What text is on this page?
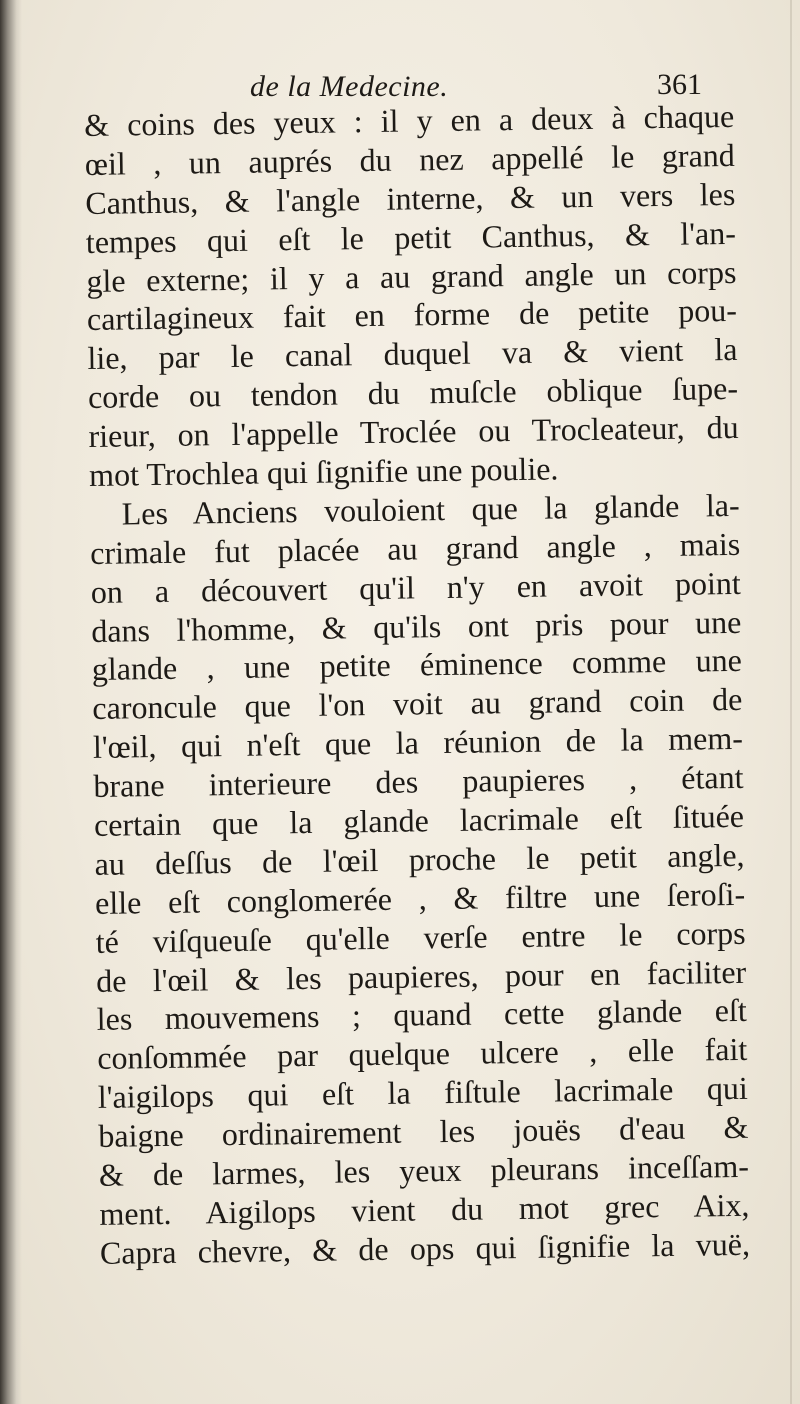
de la Medecine.	361
& coins des yeux : il y en a deux à chaque
œil , un auprés du nez appellé le grand
Canthus, & l'angle interne, & un vers les
tempes qui eſt le petit Canthus, & l'an-
gle externe; il y a au grand angle un corps
cartilagineux fait en forme de petite pou-
lie, par le canal duquel va & vient la
corde ou tendon du muſcle oblique ſupe-
rieur, on l'appelle Troclée ou Trocleateur, du
mot Trochlea qui ſignifie une poulie.
Les Anciens vouloient que la glande la-
crimale fut placée au grand angle , mais
on a découvert qu'il n'y en avoit point
dans l'homme, & qu'ils ont pris pour une
glande , une petite éminence comme une
caroncule que l'on voit au grand coin de
l'œil, qui n'eſt que la réunion de la mem-
brane interieure des paupieres , étant
certain que la glande lacrimale eſt ſituée
au deſſus de l'œil proche le petit angle,
elle eſt conglomerée , & filtre une ſeroſi-
té viſqueuſe qu'elle verſe entre le corps
de l'œil & les paupieres, pour en faciliter
les mouvemens ; quand cette glande eſt
conſommée par quelque ulcere , elle fait
l'aigilops qui eſt la fiſtule lacrimale qui
baigne ordinairement les jouës d'eau &
& de larmes, les yeux pleurans inceſſam-
ment. Aigilops vient du mot grec Aix,
Capra chevre, & de ops qui ſignifie la vuë,
